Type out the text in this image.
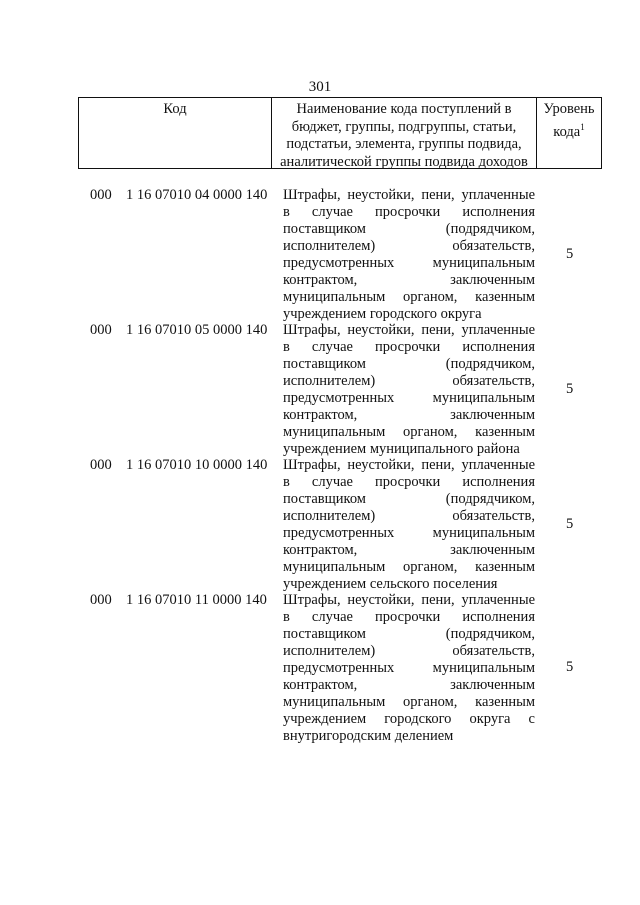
301
Код	Наименование кода поступлений в бюджет, группы, подгруппы, статьи, подстатьи, элемента, группы подвида, аналитической группы подвида доходов
Уровень кода$^1$
000 1 16 07010 04 0000 140 Штрафы, неустойки, пени, уплаченные в случае просрочки исполнения поставщиком (подрядчиком, исполнителем) обязательств, предусмотренных муниципальным контрактом, заключенным муниципальным органом, казенным учреждением городского округа
5
000 1 16 07010 05 0000 140 Штрафы, неустойки, пени, уплаченные в случае просрочки исполнения поставщиком (подрядчиком, исполнителем) обязательств, предусмотренных муниципальным контрактом, заключенным муниципальным органом, казенным учреждением муниципального района
5
000 1 16 07010 10 0000 140 Штрафы, неустойки, пени, уплаченные в случае просрочки исполнения поставщиком (подрядчиком, исполнителем) обязательств, предусмотренных муниципальным контрактом, заключенным муниципальным органом, казенным учреждением сельского поселения
5
000 1 16 07010 11 0000 140 Штрафы, неустойки, пени, уплаченные в случае просрочки исполнения поставщиком (подрядчиком, исполнителем) обязательств, предусмотренных муниципальным контрактом, заключенным муниципальным органом, казенным учреждением городского округа с внутригородским делением
5
